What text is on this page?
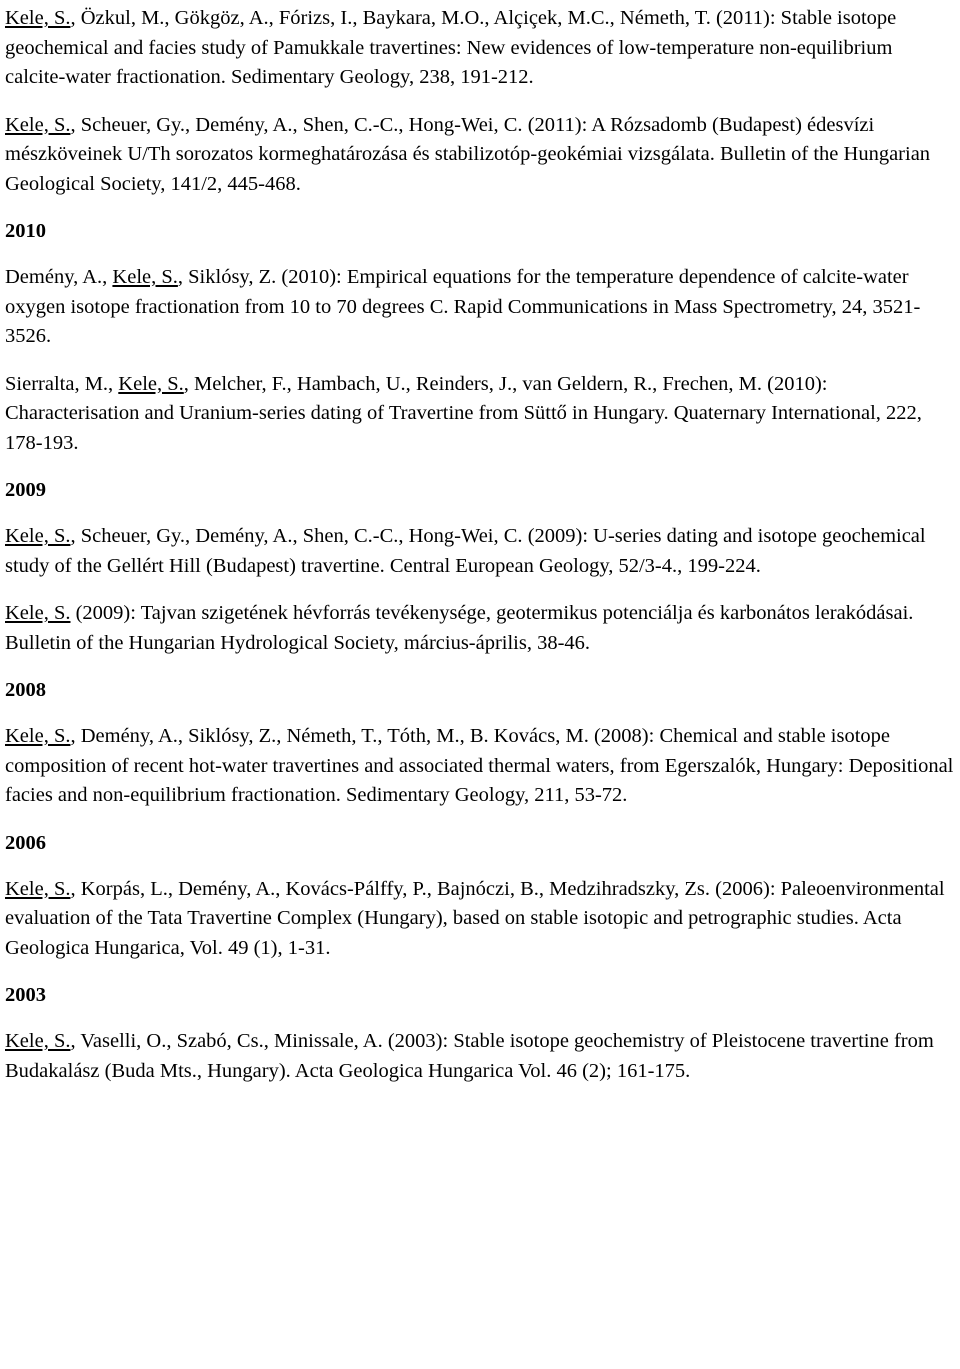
Kele, S., Özkul, M., Gökgöz, A., Fórizs, I., Baykara, M.O., Alçiçek, M.C., Németh, T. (2011): Stable isotope geochemical and facies study of Pamukkale travertines: New evidences of low-temperature non-equilibrium calcite-water fractionation. Sedimentary Geology, 238, 191-212.
Kele, S., Scheuer, Gy., Demény, A., Shen, C.-C., Hong-Wei, C. (2011): A Rózsadomb (Budapest) édesvízi mészköveinek U/Th sorozatos kormeghatározása és stabilizotóp-geokémiai vizsgálata. Bulletin of the Hungarian Geological Society, 141/2, 445-468.
2010
Demény, A., Kele, S., Siklósy, Z. (2010): Empirical equations for the temperature dependence of calcite-water oxygen isotope fractionation from 10 to 70 degrees C. Rapid Communications in Mass Spectrometry, 24, 3521-3526.
Sierralta, M., Kele, S., Melcher, F., Hambach, U., Reinders, J., van Geldern, R., Frechen, M. (2010): Characterisation and Uranium-series dating of Travertine from Süttő in Hungary. Quaternary International, 222, 178-193.
2009
Kele, S., Scheuer, Gy., Demény, A., Shen, C.-C., Hong-Wei, C. (2009): U-series dating and isotope geochemical study of the Gellért Hill (Budapest) travertine. Central European Geology, 52/3-4., 199-224.
Kele, S. (2009): Tajvan szigetének hévforrás tevékenysége, geotermikus potenciálja és karbonátos lerakódásai. Bulletin of the Hungarian Hydrological Society, március-április, 38-46.
2008
Kele, S., Demény, A., Siklósy, Z., Németh, T., Tóth, M., B. Kovács, M. (2008): Chemical and stable isotope composition of recent hot-water travertines and associated thermal waters, from Egerszalók, Hungary: Depositional facies and non-equilibrium fractionation. Sedimentary Geology, 211, 53-72.
2006
Kele, S., Korpás, L., Demény, A., Kovács-Pálffy, P., Bajnóczi, B., Medzihradszky, Zs. (2006): Paleoenvironmental evaluation of the Tata Travertine Complex (Hungary), based on stable isotopic and petrographic studies. Acta Geologica Hungarica, Vol. 49 (1), 1-31.
2003
Kele, S., Vaselli, O., Szabó, Cs., Minissale, A. (2003): Stable isotope geochemistry of Pleistocene travertine from Budakalász (Buda Mts., Hungary). Acta Geologica Hungarica Vol. 46 (2); 161-175.
